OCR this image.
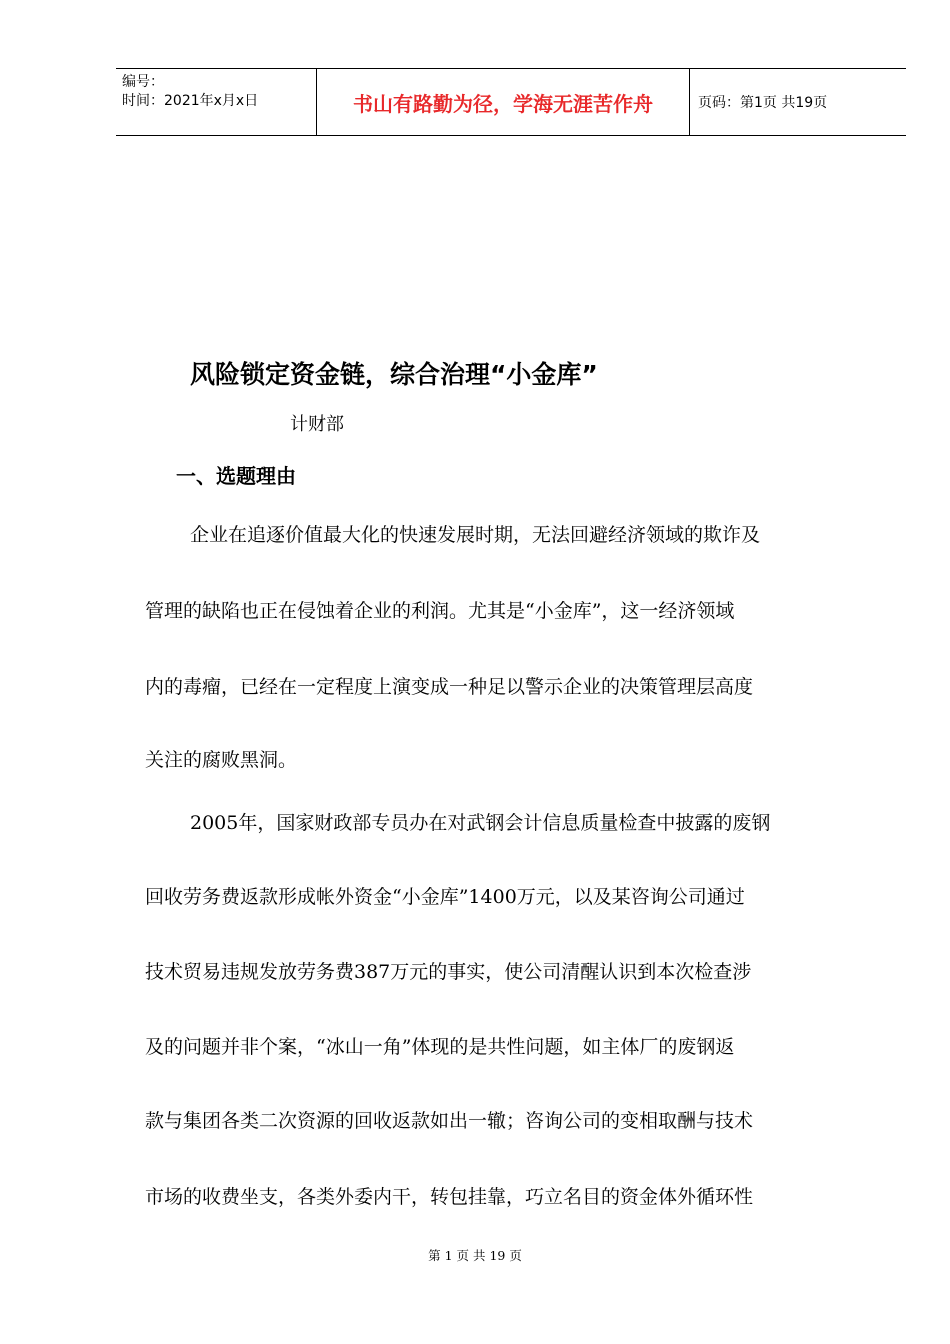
编号：
时间：2021年x月x日	书山有路勤为径，学海无涯苦作舟	页码：第1页 共19页
风险锁定资金链，综合治理“小金库”
计财部
一、选题理由
企业在追逐价值最大化的快速发展时期，无法回避经济领域的欺诈及
管理的缺陷也正在侵蚀着企业的利润。尤其是“小金库”，这一经济领域
内的毒瘤，已经在一定程度上演变成一种足以警示企业的决策管理层高度
关注的腐败黑洞。
2005年，国家财政部专员办在对武钢会计信息质量检查中披露的废钢
回收劳务费返款形成帐外资金“小金库”1400万元，以及某咨询公司通过
技术贸易违规发放劳务费387万元的事实，使公司清醒认识到本次检查涉
及的问题并非个案，“冰山一角”体现的是共性问题，如主体厂的废钢返
款与集团各类二次资源的回收返款如出一辙；咨询公司的变相取酬与技术
市场的收费坐支，各类外委内干，转包挂靠，巧立名目的资金体外循环性
第 1 页 共 19 页
